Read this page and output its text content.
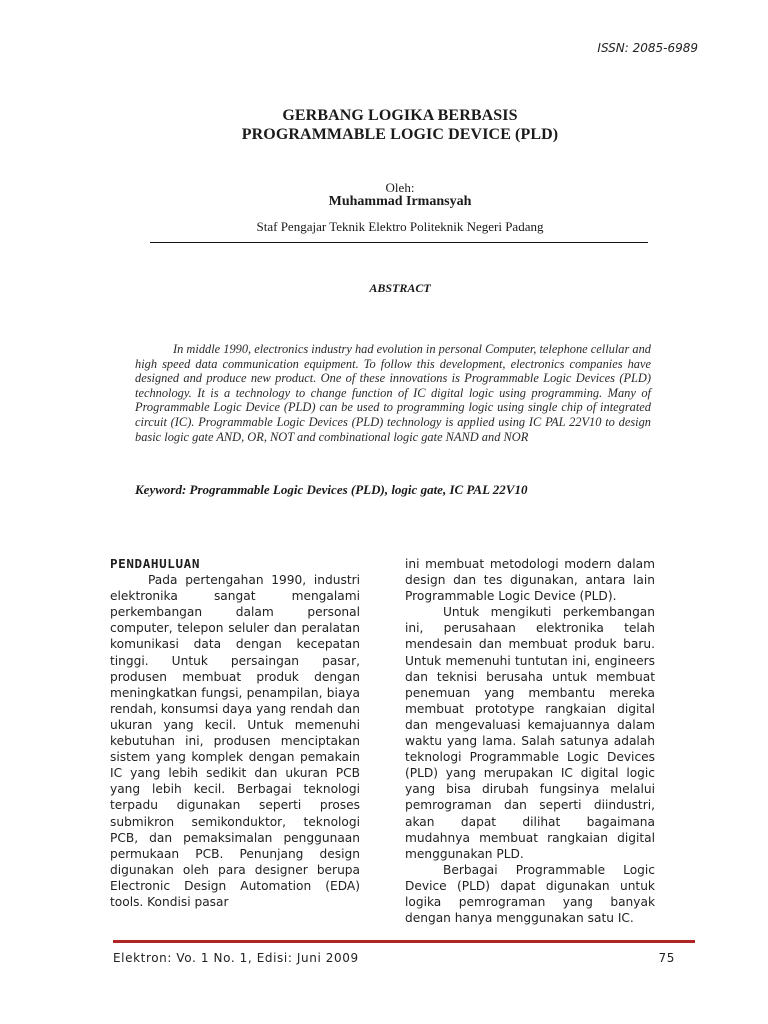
ISSN: 2085-6989
GERBANG LOGIKA BERBASIS
PROGRAMMABLE LOGIC DEVICE (PLD)
Oleh:
Muhammad Irmansyah
Staf Pengajar Teknik Elektro Politeknik Negeri Padang
ABSTRACT

In middle 1990, electronics industry had evolution in personal Computer, telephone cellular and high speed data communication equipment. To follow this development, electronics companies have designed and produce new product. One of these innovations is Programmable Logic Devices (PLD) technology. It is a technology to change function of IC digital logic using programming. Many of Programmable Logic Device (PLD) can be used to programming logic using single chip of integrated circuit (IC). Programmable Logic Devices (PLD) technology is applied using IC PAL 22V10 to design basic logic gate AND, OR, NOT and combinational logic gate NAND and NOR

Keyword: Programmable Logic Devices (PLD), logic gate, IC PAL 22V10
PENDAHULUAN

Pada pertengahan 1990, industri elektronika sangat mengalami perkembangan dalam personal computer, telepon seluler dan peralatan komunikasi data dengan kecepatan tinggi. Untuk persaingan pasar, produsen membuat produk dengan meningkatkan fungsi, penampilan, biaya rendah, konsumsi daya yang rendah dan ukuran yang kecil. Untuk memenuhi kebutuhan ini, produsen menciptakan sistem yang komplek dengan pemakain IC yang lebih sedikit dan ukuran PCB yang lebih kecil. Berbagai teknologi terpadu digunakan seperti proses submikron semikonduktor, teknologi PCB, dan pemaksimalan penggunaan permukaan PCB. Penunjang design digunakan oleh para designer berupa Electronic Design Automation (EDA) tools. Kondisi pasar

ini membuat metodologi modern dalam design dan tes digunakan, antara lain Programmable Logic Device (PLD).

Untuk mengikuti perkembangan ini, perusahaan elektronika telah mendesain dan membuat produk baru. Untuk memenuhi tuntutan ini, engineers dan teknisi berusaha untuk membuat penemuan yang membantu mereka membuat prototype rangkaian digital dan mengevaluasi kemajuannya dalam waktu yang lama. Salah satunya adalah teknologi Programmable Logic Devices (PLD) yang merupakan IC digital logic yang bisa dirubah fungsinya melalui pemrograman dan seperti diindustri, akan dapat dilihat bagaimana mudahnya membuat rangkaian digital menggunakan PLD.

Berbagai Programmable Logic Device (PLD) dapat digunakan untuk logika pemrograman yang banyak dengan hanya menggunakan satu IC.

Elektron: Vo. 1 No. 1, Edisi: Juni 2009	75
